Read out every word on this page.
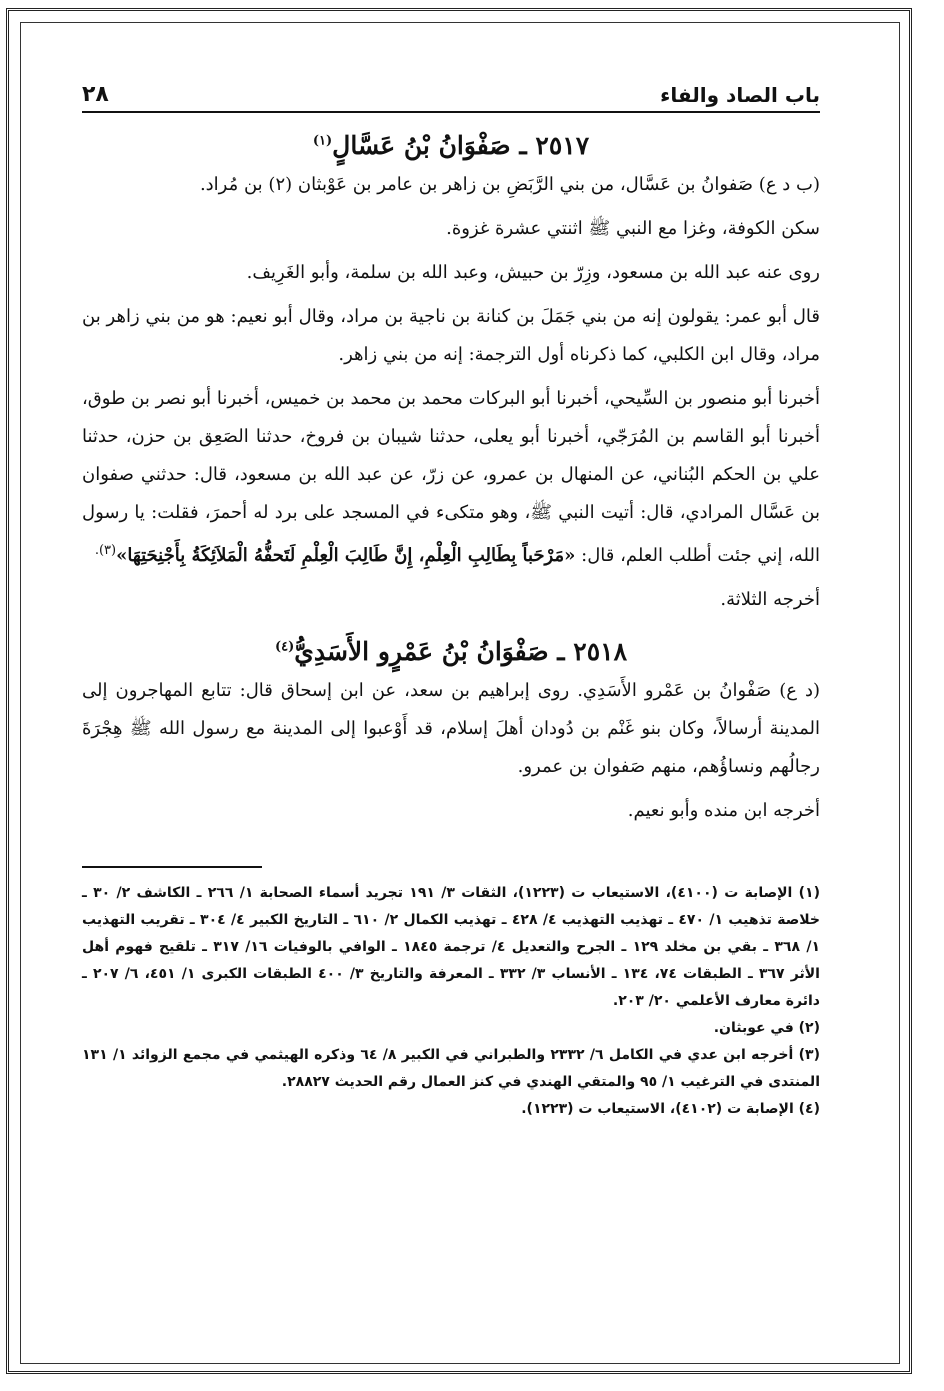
باب الصاد والفاء
٢٨
٢٥١٧ ـ صَفْوَانُ بْنُ عَسَّالٍ$^{(١)}$

(ب د ع) صَفوانُ بن عَسَّال، من بني الرَّبَضِ بن زاهر بن عامر بن عَوْبثان (٢) بن مُراد.

سكن الكوفة، وغزا مع النبي ﷺ اثنتي عشرة غزوة.

روى عنه عبد الله بن مسعود، وزِرّ بن حبيش، وعبد الله بن سلمة، وأبو الغَرِيف.

قال أبو عمر: يقولون إنه من بني جَمَلَ بن كنانة بن ناجية بن مراد، وقال أبو نعيم: هو من بني زاهر بن مراد، وقال ابن الكلبي، كما ذكرناه أول الترجمة: إنه من بني زاهر.

أخبرنا أبو منصور بن السِّيحي، أخبرنا أبو البركات محمد بن محمد بن خميس، أخبرنا أبو نصر بن طوق، أخبرنا أبو القاسم بن المُرَجّي، أخبرنا أبو يعلى، حدثنا شيبان بن فروخ، حدثنا الصَعِق بن حزن، حدثنا علي بن الحكم البُناني، عن المنهال بن عمرو، عن زرّ، عن عبد الله بن مسعود، قال: حدثني صفوان بن عَسَّال المرادي، قال: أتيت النبي ﷺ، وهو متكىء في المسجد على برد له أحمرَ، فقلت: يا رسول الله، إني جئت أطلب العلم، قال: «مَرْحَباً بِطَالِبِ الْعِلْمِ، إِنَّ طَالِبَ الْعِلْمِ لَتَحفُّهُ الْمَلاَئِكَةُ بِأَجْنِحَتِهَا»$^{(٣).}$

أخرجه الثلاثة.

٢٥١٨ ـ صَفْوَانُ بْنُ عَمْرٍو الأَسَدِيُّ$^{(٤)}$

(د ع) صَفْوانُ بن عَمْرو الأَسَدِي. روى إبراهيم بن سعد، عن ابن إسحاق قال: تتابع المهاجرون إلى المدينة أرسالاً، وكان بنو غَنْم بن دُودان أهلَ إسلام، قد أَوْعبوا إلى المدينة مع رسول الله ﷺ هِجْرَةَ رجالُهم ونساؤُهم، منهم صَفوان بن عمرو.

أخرجه ابن منده وأبو نعيم.

(١) الإصابة ت (٤١٠٠)، الاستيعاب ت (١٢٢٣)، الثقات ٣/ ١٩١ تجريد أسماء الصحابة ١/ ٢٦٦ ـ الكاشف ٢/ ٣٠ ـ خلاصة تذهيب ١/ ٤٧٠ ـ تهذيب التهذيب ٤/ ٤٢٨ ـ تهذيب الكمال ٢/ ٦١٠ ـ التاريخ الكبير ٤/ ٣٠٤ ـ تقريب التهذيب ١/ ٣٦٨ ـ بقي بن مخلد ١٢٩ ـ الجرح والتعديل ٤/ ترجمة ١٨٤٥ ـ الوافي بالوفيات ١٦/ ٣١٧ ـ تلقيح فهوم أهل الأثر ٣٦٧ ـ الطبقات ٧٤، ١٣٤ ـ الأنساب ٣/ ٣٣٢ ـ المعرفة والتاريخ ٣/ ٤٠٠ الطبقات الكبرى ١/ ٤٥١، ٦/ ٢٠٧ ـ دائرة معارف الأعلمي ٢٠/ ٢٠٣.

(٢) في عوبثان.

(٣) أخرجه ابن عدي في الكامل ٦/ ٢٣٣٢ والطبراني في الكبير ٨/ ٦٤ وذكره الهيثمي في مجمع الزوائد ١/ ١٣١ المنتدى في الترغيب ١/ ٩٥ والمتقي الهندي في كنز العمال رقم الحديث ٢٨٨٢٧.

(٤) الإصابة ت (٤١٠٢)، الاستيعاب ت (١٢٢٣).
